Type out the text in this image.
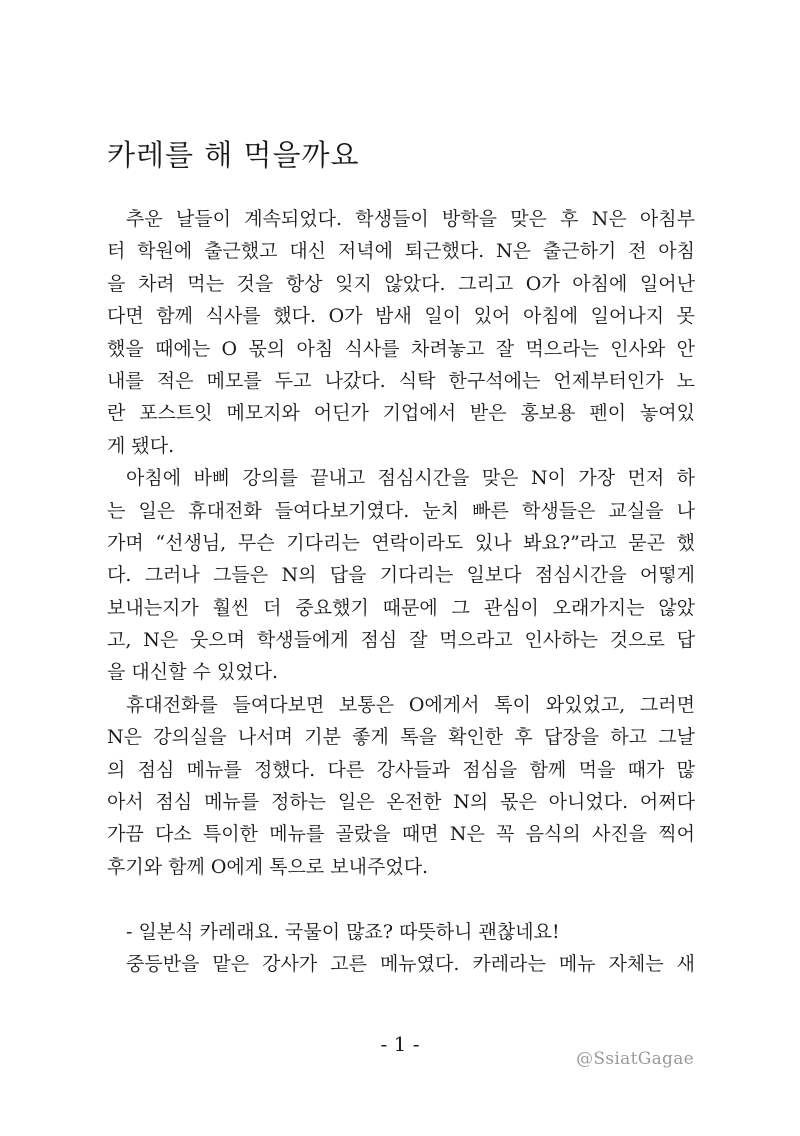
카레를 해 먹을까요
추운 날들이 계속되었다. 학생들이 방학을 맞은 후 N은 아침부
터 학원에 출근했고 대신 저녁에 퇴근했다. N은 출근하기 전 아침
을 차려 먹는 것을 항상 잊지 않았다. 그리고 O가 아침에 일어난
다면 함께 식사를 했다. O가 밤새 일이 있어 아침에 일어나지 못
했을 때에는 O 몫의 아침 식사를 차려놓고 잘 먹으라는 인사와 안
내를 적은 메모를 두고 나갔다. 식탁 한구석에는 언제부터인가 노
란 포스트잇 메모지와 어딘가 기업에서 받은 홍보용 펜이 놓여있
게 됐다.
아침에 바삐 강의를 끝내고 점심시간을 맞은 N이 가장 먼저 하
는 일은 휴대전화 들여다보기였다. 눈치 빠른 학생들은 교실을 나
가며 “선생님, 무슨 기다리는 연락이라도 있나 봐요?”라고 묻곤 했
다. 그러나 그들은 N의 답을 기다리는 일보다 점심시간을 어떻게
보내는지가 훨씬 더 중요했기 때문에 그 관심이 오래가지는 않았
고, N은 웃으며 학생들에게 점심 잘 먹으라고 인사하는 것으로 답
을 대신할 수 있었다.
휴대전화를 들여다보면 보통은 O에게서 톡이 와있었고, 그러면
N은 강의실을 나서며 기분 좋게 톡을 확인한 후 답장을 하고 그날
의 점심 메뉴를 정했다. 다른 강사들과 점심을 함께 먹을 때가 많
아서 점심 메뉴를 정하는 일은 온전한 N의 몫은 아니었다. 어쩌다
가끔 다소 특이한 메뉴를 골랐을 때면 N은 꼭 음식의 사진을 찍어
후기와 함께 O에게 톡으로 보내주었다.
- 일본식 카레래요. 국물이 많죠? 따뜻하니 괜찮네요!
중등반을 맡은 강사가 고른 메뉴였다. 카레라는 메뉴 자체는 새
- 1 -
@SsiatGagae
